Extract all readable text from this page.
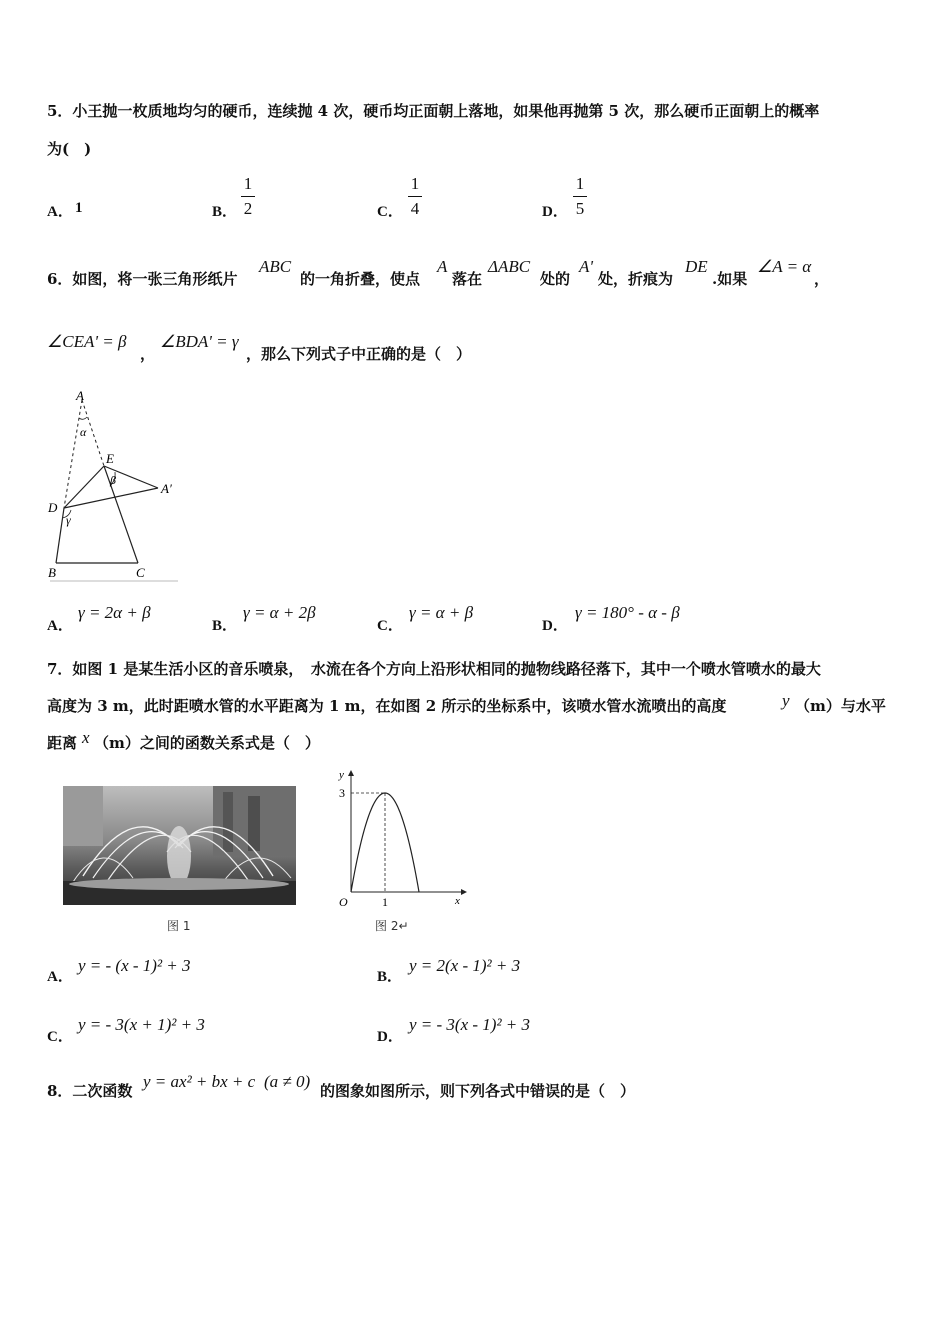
5．小王抛一枚质地均匀的硬币，连续抛 4 次，硬币均正面朝上落地，如果他再抛第 5 次，那么硬币正面朝上的概率
为(　)
A． 1	B．
1
2	C．
1
4	D．
1
5
6．如图，将一张三角形纸片
ABC
的一角折叠，使点
A
落在
ΔABC
处的
A'
处，折痕为
DE
.如果
∠A = α
，
∠CEA' = β
，
∠BDA' = γ
，那么下列式子中正确的是（　）
A
α
E
β
A′
D
γ
B	C
A．
γ = 2α + β
B．
γ = α + 2β
C．
γ = α + β
D．
γ = 180° - α - β
7．如图 1 是某生活小区的音乐喷泉，　水流在各个方向上沿形状相同的抛物线路径落下，其中一个喷水管喷水的最大
高度为 3 m，此时距喷水管的水平距离为 1 m，在如图 2 所示的坐标系中，该喷水管水流喷出的高度	y （m）与水平
距离 x （m）之间的函数关系式是（　）
图 1
y
x
O
3
1
图 2↵
A．
y = - (x - 1)² + 3
B．
y = 2(x - 1)² + 3
C．
y = - 3(x + 1)² + 3
D．
y = - 3(x - 1)² + 3
8．二次函数 y = ax² + bx + c (a ≠ 0) 的图象如图所示，则下列各式中错误的是（　）
